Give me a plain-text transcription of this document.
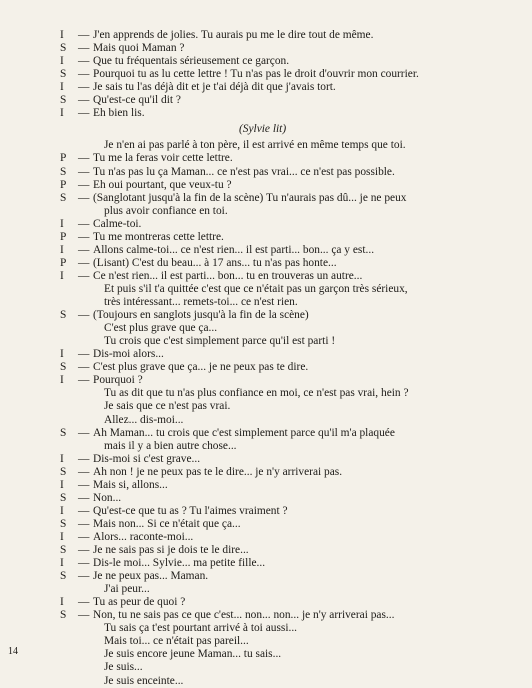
I	— J'en apprends de jolies. Tu aurais pu me le dire tout de même.
S	— Mais quoi Maman ?
I	— Que tu fréquentais sérieusement ce garçon.
S	— Pourquoi tu as lu cette lettre ! Tu n'as pas le droit d'ouvrir mon courrier.
I	— Je sais tu l'as déjà dit et je t'ai déjà dit que j'avais tort.
S	— Qu'est-ce qu'il dit ?
I	— Eh bien lis.
(Sylvie lit)
Je n'en ai pas parlé à ton père, il est arrivé en même temps que toi.
P	— Tu me la feras voir cette lettre.
S	— Tu n'as pas lu ça Maman... ce n'est pas vrai... ce n'est pas possible.
P	— Eh oui pourtant, que veux-tu ?
S	— (Sanglotant jusqu'à la fin de la scène) Tu n'aurais pas dû... je ne peux
plus avoir confiance en toi.
I	— Calme-toi.
P	— Tu me montreras cette lettre.
I	— Allons calme-toi... ce n'est rien... il est parti... bon... ça y est...
P	— (Lisant) C'est du beau... à 17 ans... tu n'as pas honte...
I	— Ce n'est rien... il est parti... bon... tu en trouveras un autre...
Et puis s'il t'a quittée c'est que ce n'était pas un garçon très sérieux,
très intéressant... remets-toi... ce n'est rien.
S	— (Toujours en sanglots jusqu'à la fin de la scène)
C'est plus grave que ça...
Tu crois que c'est simplement parce qu'il est parti !
I	— Dis-moi alors...
S	— C'est plus grave que ça... je ne peux pas te dire.
I	— Pourquoi ?
Tu as dit que tu n'as plus confiance en moi, ce n'est pas vrai, hein ?
Je sais que ce n'est pas vrai.
Allez... dis-moi...
S	— Ah Maman... tu crois que c'est simplement parce qu'il m'a plaquée
mais il y a bien autre chose...
I	— Dis-moi si c'est grave...
S	— Ah non ! je ne peux pas te le dire... je n'y arriverai pas.
I	— Mais si, allons...
S	— Non...
I	— Qu'est-ce que tu as ? Tu l'aimes vraiment ?
S	— Mais non... Si ce n'était que ça...
I	— Alors... raconte-moi...
S	— Je ne sais pas si je dois te le dire...
I	— Dis-le moi... Sylvie... ma petite fille...
S	— Je ne peux pas... Maman.
J'ai peur...
I	— Tu as peur de quoi ?
S	— Non, tu ne sais pas ce que c'est... non... non... je n'y arriverai pas...
Tu sais ça t'est pourtant arrivé à toi aussi...
Mais toi... ce n'était pas pareil...
Je suis encore jeune Maman... tu sais...
Je suis...
Je suis enceinte...
14
